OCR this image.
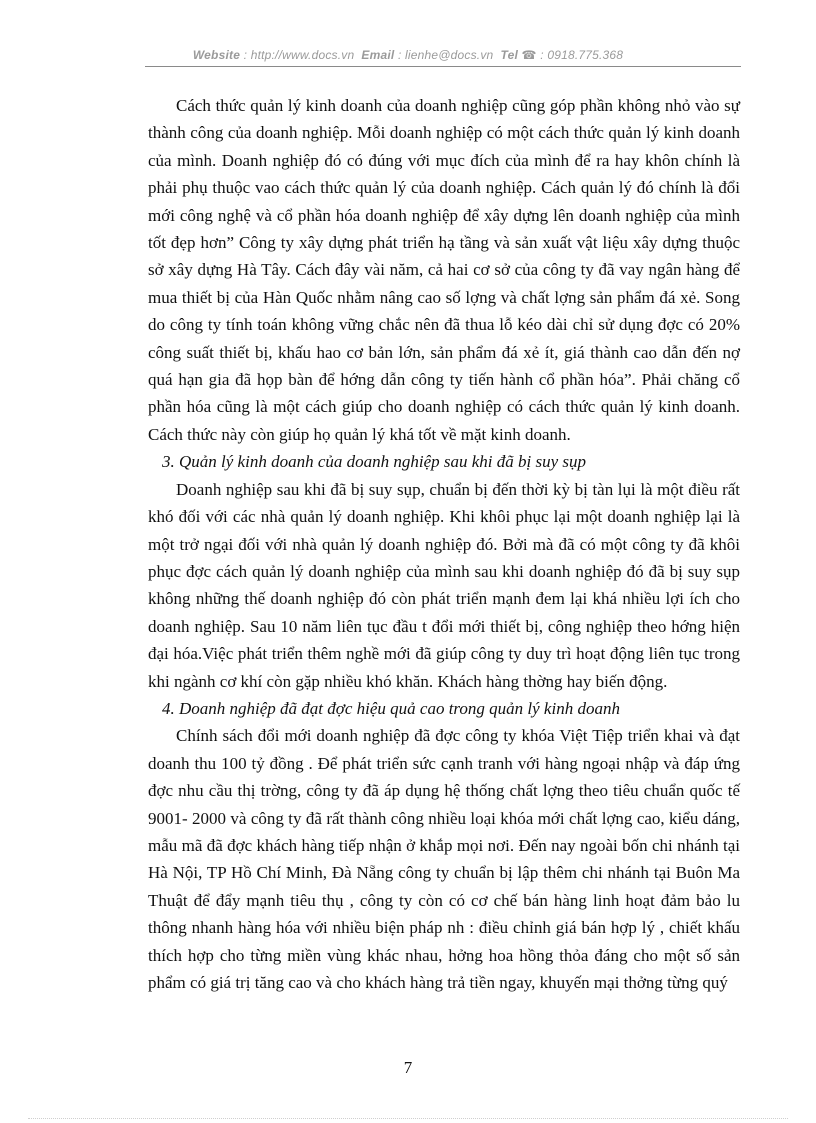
Website : http://www.docs.vn Email : lienhe@docs.vn Tel ☎ : 0918.775.368

Cách thức quản lý kinh doanh của doanh nghiệp cũng góp phần không nhỏ vào sự thành công của doanh nghiệp. Mỗi doanh nghiệp có một cách thức quản lý kinh doanh của mình. Doanh nghiệp đó có đúng với mục đích của mình để ra hay khôn chính là phải phụ thuộc vao cách thức quản lý của doanh nghiệp. Cách quản lý đó chính là đổi mới công nghệ và cổ phần hóa doanh nghiệp để xây dựng lên doanh nghiệp của mình tốt đẹp hơn” Công ty xây dựng phát triển hạ tầng và sản xuất vật liệu xây dựng thuộc sở xây dựng Hà Tây. Cách đây vài năm, cả hai cơ sở của công ty đã vay ngân hàng để mua thiết bị của Hàn Quốc nhằm nâng cao số lợng và chất lợng sản phẩm đá xẻ. Song do công ty tính toán không vững chắc nên đã thua lỗ kéo dài chỉ sử dụng đợc có 20% công suất thiết bị, khấu hao cơ bản lớn, sản phẩm đá xẻ ít, giá thành cao dẫn đến nợ quá hạn gia đã họp bàn để hớng dẫn công ty tiến hành cổ phần hóa”. Phải chăng cổ phần hóa cũng là một cách giúp cho doanh nghiệp có cách thức quản lý kinh doanh. Cách thức này còn giúp họ quản lý khá tốt về mặt kinh doanh.

3. Quản lý kinh doanh của doanh nghiệp sau khi đã bị suy sụp

Doanh nghiệp sau khi đã bị suy sụp, chuẩn bị đến thời kỳ bị tàn lụi là một điều rất khó đối với các nhà quản lý doanh nghiệp. Khi khôi phục lại một doanh nghiệp lại là một trở ngại đối với nhà quản lý doanh nghiệp đó. Bởi mà đã có một công ty đã khôi phục đợc cách quản lý doanh nghiệp của mình sau khi doanh nghiệp đó đã bị suy sụp không những thế doanh nghiệp đó còn phát triển mạnh đem lại khá nhiều lợi ích cho doanh nghiệp. Sau 10 năm liên tục đầu t đổi mới thiết bị, công nghiệp theo hớng hiện đại hóa.Việc phát triển thêm nghề mới đã giúp công ty duy trì hoạt động liên tục trong khi ngành cơ khí còn gặp nhiều khó khăn. Khách hàng thờng hay biến động.

4. Doanh nghiệp đã đạt đợc hiệu quả cao trong quản lý kinh doanh

Chính sách đổi mới doanh nghiệp đã đợc công ty khóa Việt Tiệp triển khai và đạt doanh thu 100 tỷ đồng . Để phát triển sức cạnh tranh với hàng ngoại nhập và đáp ứng đợc nhu cầu thị trờng, công ty đã áp dụng hệ thống chất lợng theo tiêu chuẩn quốc tế 9001- 2000 và công ty đã rất thành công nhiều loại khóa mới chất lợng cao, kiểu dáng, mẫu mã đã đợc khách hàng tiếp nhận ở khắp mọi nơi. Đến nay ngoài bốn chi nhánh tại Hà Nội, TP Hồ Chí Minh, Đà Nẵng công ty chuẩn bị lập thêm chi nhánh tại Buôn Ma Thuật để đẩy mạnh tiêu thụ , công ty còn có cơ chế bán hàng linh hoạt đảm bảo lu thông nhanh hàng hóa với nhiều biện pháp nh : điều chỉnh giá bán hợp lý , chiết khấu thích hợp cho từng miền vùng khác nhau, hởng hoa hồng thỏa đáng cho một số sản phẩm có giá trị tăng cao và cho khách hàng trả tiền ngay, khuyến mại thởng từng quý

7
